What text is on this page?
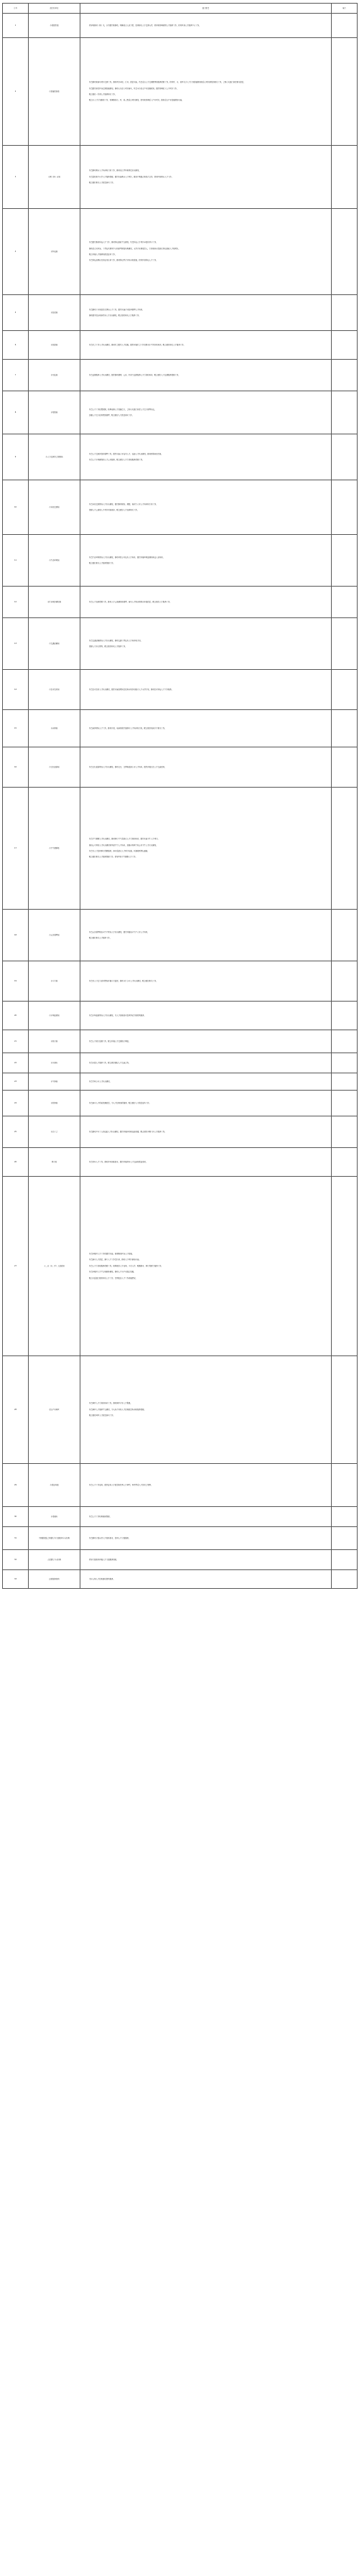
序号	部门和单位	部门职责	备注
1	市委组织部	指导和推动（相）关，认真组织和推动，明确重点人员力量，提供相关人才资源支持，指导和协调县级人才服务工作，指导区县人才服务中心工作。	

2	市发展改革委	负责推动和落实项目资源工作，推动项目申报、行业、政策实施，负责重点人才资源配置和服务保障工作，指导区、市、县区关于人才计划发展规划和重点项目建设的相关工作，会同有关部门制定相关政策。

负责组织制定区域资源发展规划，推动有关重大项目落实，负责全市重点产业发展规划，组织协调重大人才项目工作。

配合做好一系列人才服务相关工作。

配合市人才计划推进工作，协调推进市、区、县三级重点项目建设，指导和协调重大产业项目，推进重点产业发展规划实施。	

3	市教（体）育局	负责推动教育人才培养和引进工作，推动重点学科和师资队伍建设。

负责高校和中小学人才服务保障，组织实施教育人才项目，推进产教融合和校企合作，指导区县教育人才工作。

配合做好相关人才政策落实工作。	

4	市科技局	负责组织推进科技人才工作，推动科技创新平台建设，负责科技人才项目申报和评审工作。

推动重点实验室、工程技术研究中心和新型研发机构建设，支持企业研发投入，引进和培育高层次科技创新人才和团队。

配合开展人才服务和政策宣传工作。

负责科技成果转化和技术转移工作，推动科技型企业培育和发展，指导区县科技人才工作。	

5	市经信局	负责推动工业和信息化领域人才工作，组织实施企业经营管理人才培训。

推动数字经济和制造业人才队伍建设，配合做好相关人才服务工作。	

6	市民政局	负责社会工作人才队伍建设，推动社会组织人才发展，组织开展社会工作者职业水平评价和培训，配合做好相关人才服务工作。	

7	市司法局	负责法律服务人才队伍建设，组织推动律师、公证、仲裁等法律服务人才引进和培养，配合做好人才法律服务保障工作。	

8	市财政局	负责人才工作经费保障，统筹安排人才发展资金，会同有关部门制定人才资金管理办法。

加强人才资金使用绩效管理，配合做好人才政策落实工作。	

9	市人力资源社会保障局	负责人才资源开发和管理工作，组织实施专业技术人才、技能人才队伍建设，推进职称制度改革。

负责人才市场建设和人才公共服务，配合做好人才引进和服务保障工作。	

10	市自然资源局	负责自然资源领域人才队伍建设，组织推动规划、测绘、地质等专业人才培养和引进工作。

保障人才公寓和人才项目用地需求，配合做好人才安居相关工作。	

11	市生态环境局	负责生态环境领域人才队伍建设，推动环保专业技术人才培养，组织开展环境监测和执法人员培训。

配合做好相关人才服务保障工作。	

12	市住房城乡建设局	负责人才安居保障工作，推动人才公寓建设和管理，落实人才购房和租房补贴政策，配合做好人才服务工作。	

13	市交通运输局	负责交通运输领域人才队伍建设，推动交通工程技术人才培养和引进。

保障人才出行便利，配合做好相关人才服务工作。	

14	市农业农村局	负责农业农村人才队伍建设，组织实施高素质农民培育和乡村振兴人才支持计划，推动农业科技人才下乡服务。	

15	市商务局	负责商务领域人才工作，推动外贸、电商和现代服务业人才培养和引进，配合做好招商引才相关工作。	

16	市文化旅游局	负责文化旅游领域人才队伍建设，推动文艺、文博和旅游专业人才培养，组织开展文化人才交流活动。	

17	市卫生健康委	负责卫生健康人才队伍建设，推动医疗卫生高层次人才引进和培养，组织实施卫生人才项目。

推进公立医院人才队伍建设和基层卫生人才培养，加强全科医生和公共卫生人才队伍建设。

负责为人才提供医疗保健服务，落实高层次人才医疗待遇，开通就医绿色通道。

配合做好相关人才服务保障工作，指导区县卫生健康人才工作。	

18	市应急管理局	负责应急管理和安全生产领域人才队伍建设，组织开展安全生产专业人才培训。

配合做好相关人才服务工作。	

19	市审计局	负责对人才资金使用情况开展审计监督，推动审计专业人才队伍建设，配合做好相关工作。	

20	市市场监管局	负责市场监管领域人才队伍建设，为人才创新创业提供登记注册便利服务。	

21	市统计局	负责人才统计监测工作，配合开展人才资源统计调查。	

22	市外事办	负责外籍人才服务工作，配合做好国际人才交流合作。	

23	市气象局	负责气象专业人才队伍建设。	

24	市税务局	负责落实人才税收优惠政策，为人才提供纳税服务，配合做好人才政策宣传工作。	

25	市总工会	负责推动产业工人和技能人才队伍建设，组织开展劳动和技能竞赛，配合做好劳模工匠人才服务工作。	

26	团市委	负责青年人才工作，推动青年创新创业，组织开展青年人才交流和联谊活动。	

27	十二家（市、区）人民政府	负责本辖区人才工作的组织实施，统筹推进区域人才发展。

负责落实人才政策，建立人才工作责任制，推动人才项目落地实施。

负责人才引进和服务保障工作，统筹做好人才安居、子女入学、配偶就业、医疗保障等服务工作。

负责本辖区人才平台和载体建设，推动人才与产业融合发展。

配合市直部门做好相关人才工作，定期报送人才工作进展情况。	

28	重点产业园区	负责园区人才引进和培养工作，推动园区企业人才集聚。

负责园区人才服务平台建设，为入驻企业和人才提供政策咨询和服务保障。

配合做好园区人才政策落实工作。	

29	市委宣传部	负责人才工作宣传，组织宣传人才政策和优秀人才典型，营造尊重人才的社会氛围。	

30	市委编办	负责人才工作机构编制保障。	

31	中国银保监会和银行业金融机构分支机构	负责推动金融支持人才创新创业，提供人才金融服务。	

32	人民银行分支机构	指导金融机构开展人才金融服务创新。	

33	边检服务机构	为出入境人才提供通关便利服务。	
